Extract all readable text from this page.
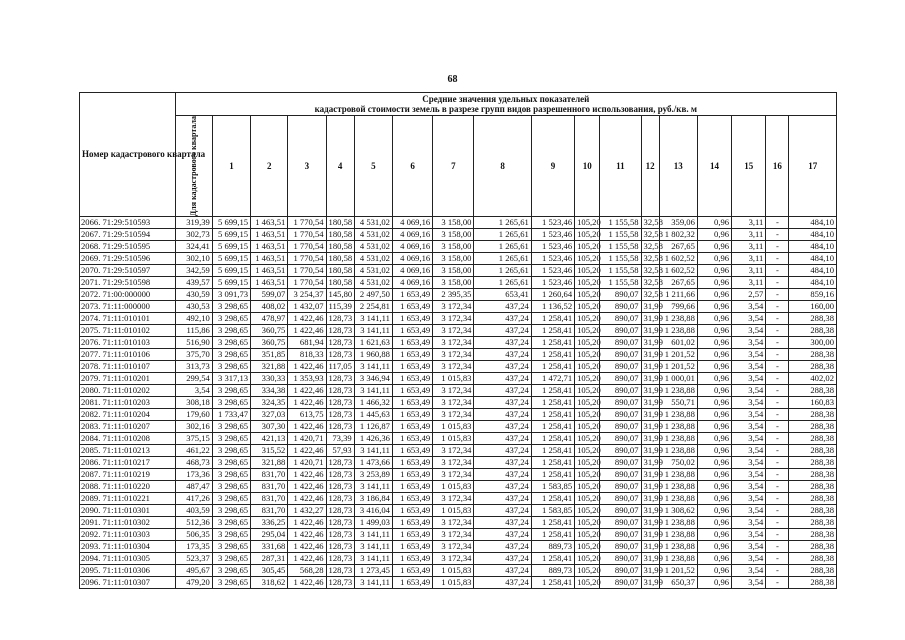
68
Номер кадастрового квартала	Средние значения удельных показателей
кадастровой стоимости земель в разрезе групп видов разрешенного использования, руб./кв. м																	

	Для кадастрового квартала	1	2	3	4	5	6	7	8	9	10	11	12	13	14	15	16	17
2066. 71:29:510593	319,39	5 699,15	1 463,51	1 770,54	180,58	4 531,02	4 069,16	3 158,00	1 265,61	1 523,46	105,20	1 155,58	32,58	359,06	0,96	3,11	-	484,10
2067. 71:29:510594	302,73	5 699,15	1 463,51	1 770,54	180,58	4 531,02	4 069,16	3 158,00	1 265,61	1 523,46	105,20	1 155,58	32,58	1 802,32	0,96	3,11	-	484,10
2068. 71:29:510595	324,41	5 699,15	1 463,51	1 770,54	180,58	4 531,02	4 069,16	3 158,00	1 265,61	1 523,46	105,20	1 155,58	32,58	267,65	0,96	3,11	-	484,10
2069. 71:29:510596	302,10	5 699,15	1 463,51	1 770,54	180,58	4 531,02	4 069,16	3 158,00	1 265,61	1 523,46	105,20	1 155,58	32,58	1 602,52	0,96	3,11	-	484,10
2070. 71:29:510597	342,59	5 699,15	1 463,51	1 770,54	180,58	4 531,02	4 069,16	3 158,00	1 265,61	1 523,46	105,20	1 155,58	32,58	1 602,52	0,96	3,11	-	484,10
2071. 71:29:510598	439,57	5 699,15	1 463,51	1 770,54	180,58	4 531,02	4 069,16	3 158,00	1 265,61	1 523,46	105,20	1 155,58	32,58	267,65	0,96	3,11	-	484,10
2072. 71:00:000000	430,59	3 091,73	599,07	3 254,37	145,80	2 497,50	1 653,49	2 395,35	653,41	1 260,64	105,20	890,07	32,58	1 211,66	0,96	2,57	-	859,16
2073. 71:11:000000	430,53	3 298,65	408,02	1 432,07	115,39	2 254,81	1 653,49	3 172,34	437,24	1 136,52	105,20	890,07	31,99	799,66	0,96	3,54	-	160,00
2074. 71:11:010101	492,10	3 298,65	478,97	1 422,46	128,73	3 141,11	1 653,49	3 172,34	437,24	1 258,41	105,20	890,07	31,99	1 238,88	0,96	3,54	-	288,38
2075. 71:11:010102	115,86	3 298,65	360,75	1 422,46	128,73	3 141,11	1 653,49	3 172,34	437,24	1 258,41	105,20	890,07	31,99	1 238,88	0,96	3,54	-	288,38
2076. 71:11:010103	516,90	3 298,65	360,75	681,94	128,73	1 621,63	1 653,49	3 172,34	437,24	1 258,41	105,20	890,07	31,99	601,02	0,96	3,54	-	300,00
2077. 71:11:010106	375,70	3 298,65	351,85	818,33	128,73	1 960,88	1 653,49	3 172,34	437,24	1 258,41	105,20	890,07	31,99	1 201,52	0,96	3,54	-	288,38
2078. 71:11:010107	313,73	3 298,65	321,88	1 422,46	117,05	3 141,11	1 653,49	3 172,34	437,24	1 258,41	105,20	890,07	31,99	1 201,52	0,96	3,54	-	288,38
2079. 71:11:010201	299,54	3 317,13	330,33	1 353,93	128,73	3 346,94	1 653,49	1 015,83	437,24	1 472,71	105,20	890,07	31,99	1 000,01	0,96	3,54	-	402,02
2080. 71:11:010202	3,54	3 298,65	334,38	1 422,46	128,73	3 141,11	1 653,49	3 172,34	437,24	1 258,41	105,20	890,07	31,99	1 238,88	0,96	3,54	-	288,38
2081. 71:11:010203	308,18	3 298,65	324,35	1 422,46	128,73	1 466,32	1 653,49	3 172,34	437,24	1 258,41	105,20	890,07	31,99	550,71	0,96	3,54	-	160,83
2082. 71:11:010204	179,60	1 733,47	327,03	613,75	128,73	1 445,63	1 653,49	3 172,34	437,24	1 258,41	105,20	890,07	31,99	1 238,88	0,96	3,54	-	288,38
2083. 71:11:010207	302,16	3 298,65	307,30	1 422,46	128,73	1 126,87	1 653,49	1 015,83	437,24	1 258,41	105,20	890,07	31,99	1 238,88	0,96	3,54	-	288,38
2084. 71:11:010208	375,15	3 298,65	421,13	1 420,71	73,39	1 426,36	1 653,49	1 015,83	437,24	1 258,41	105,20	890,07	31,99	1 238,88	0,96	3,54	-	288,38
2085. 71:11:010213	461,22	3 298,65	315,52	1 422,46	57,93	3 141,11	1 653,49	3 172,34	437,24	1 258,41	105,20	890,07	31,99	1 238,88	0,96	3,54	-	288,38
2086. 71:11:010217	468,73	3 298,65	321,88	1 420,71	128,73	1 473,66	1 653,49	3 172,34	437,24	1 258,41	105,20	890,07	31,99	750,02	0,96	3,54	-	288,38
2087. 71:11:010219	173,36	3 298,65	831,70	1 422,46	128,73	3 253,89	1 653,49	3 172,34	437,24	1 258,41	105,20	890,07	31,99	1 238,88	0,96	3,54	-	288,38
2088. 71:11:010220	487,47	3 298,65	831,70	1 422,46	128,73	3 141,11	1 653,49	1 015,83	437,24	1 583,85	105,20	890,07	31,99	1 238,88	0,96	3,54	-	288,38
2089. 71:11:010221	417,26	3 298,65	831,70	1 422,46	128,73	3 186,84	1 653,49	3 172,34	437,24	1 258,41	105,20	890,07	31,99	1 238,88	0,96	3,54	-	288,38
2090. 71:11:010301	403,59	3 298,65	831,70	1 432,27	128,73	3 416,04	1 653,49	1 015,83	437,24	1 583,85	105,20	890,07	31,99	1 308,62	0,96	3,54	-	288,38
2091. 71:11:010302	512,36	3 298,65	336,25	1 422,46	128,73	1 499,03	1 653,49	3 172,34	437,24	1 258,41	105,20	890,07	31,99	1 238,88	0,96	3,54	-	288,38
2092. 71:11:010303	506,35	3 298,65	295,04	1 422,46	128,73	3 141,11	1 653,49	3 172,34	437,24	1 258,41	105,20	890,07	31,99	1 238,88	0,96	3,54	-	288,38
2093. 71:11:010304	173,35	3 298,65	331,68	1 422,46	128,73	3 141,11	1 653,49	3 172,34	437,24	889,73	105,20	890,07	31,99	1 238,88	0,96	3,54	-	288,38
2094. 71:11:010305	523,37	3 298,65	287,31	1 422,46	128,73	3 141,11	1 653,49	3 172,34	437,24	1 258,41	105,20	890,07	31,99	1 238,88	0,96	3,54	-	288,38
2095. 71:11:010306	495,67	3 298,65	305,45	568,28	128,73	1 273,45	1 653,49	1 015,83	437,24	889,73	105,20	890,07	31,99	1 201,52	0,96	3,54	-	288,38
2096. 71:11:010307	479,20	3 298,65	318,62	1 422,46	128,73	3 141,11	1 653,49	1 015,83	437,24	1 258,41	105,20	890,07	31,99	650,37	0,96	3,54	-	288,38
